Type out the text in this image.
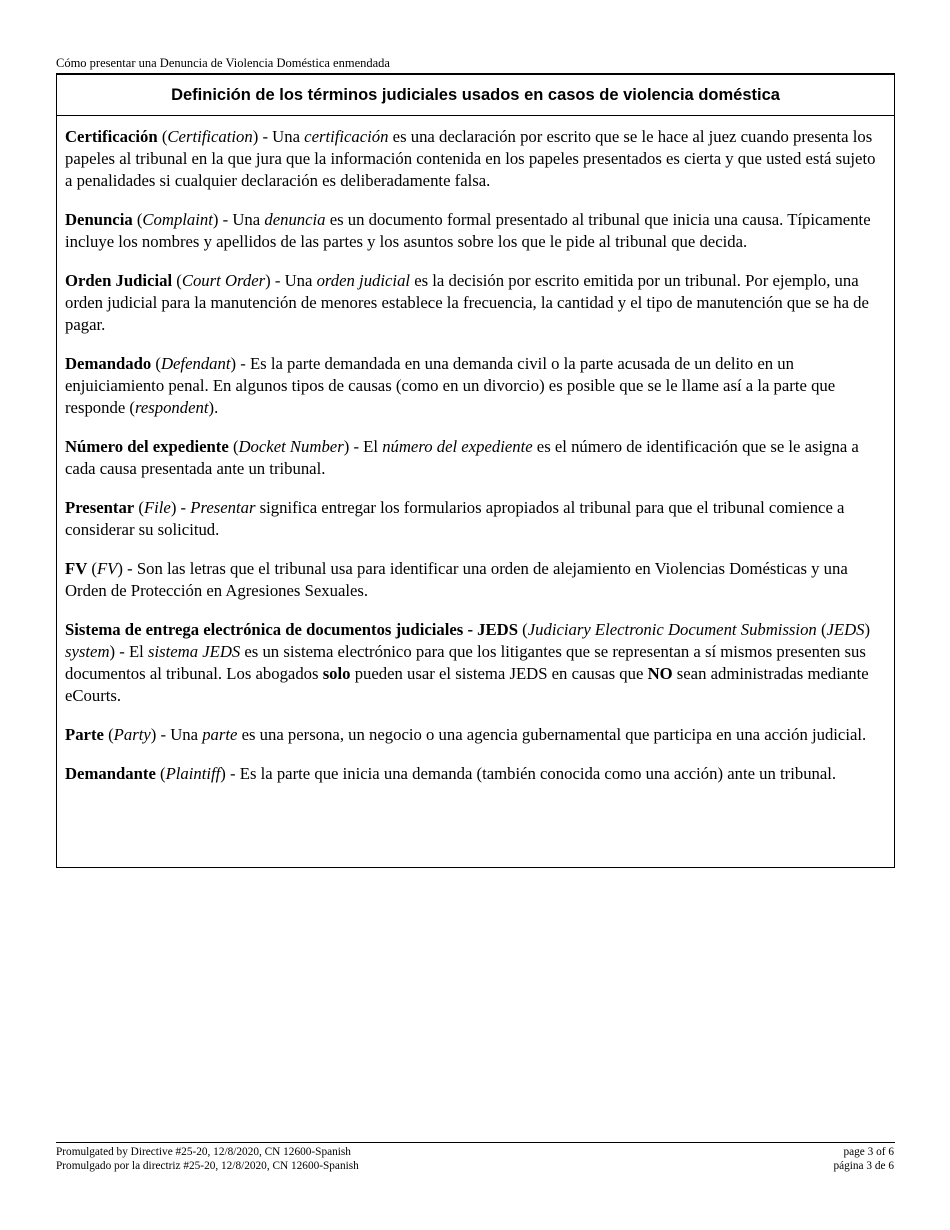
Cómo presentar una Denuncia de Violencia Doméstica enmendada
Definición de los términos judiciales usados en casos de violencia doméstica

Certificación (Certification) - Una certificación es una declaración por escrito que se le hace al juez cuando presenta los papeles al tribunal en la que jura que la información contenida en los papeles presentados es cierta y que usted está sujeto a penalidades si cualquier declaración es deliberadamente falsa.

Denuncia (Complaint) - Una denuncia es un documento formal presentado al tribunal que inicia una causa. Típicamente incluye los nombres y apellidos de las partes y los asuntos sobre los que le pide al tribunal que decida.

Orden Judicial (Court Order) - Una orden judicial es la decisión por escrito emitida por un tribunal. Por ejemplo, una orden judicial para la manutención de menores establece la frecuencia, la cantidad y el tipo de manutención que se ha de pagar.

Demandado (Defendant) - Es la parte demandada en una demanda civil o la parte acusada de un delito en un enjuiciamiento penal. En algunos tipos de causas (como en un divorcio) es posible que se le llame así a la parte que responde (respondent).

Número del expediente (Docket Number) - El número del expediente es el número de identificación que se le asigna a cada causa presentada ante un tribunal.

Presentar (File) - Presentar significa entregar los formularios apropiados al tribunal para que el tribunal comience a considerar su solicitud.

FV (FV) - Son las letras que el tribunal usa para identificar una orden de alejamiento en Violencias Domésticas y una Orden de Protección en Agresiones Sexuales.

Sistema de entrega electrónica de documentos judiciales - JEDS (Judiciary Electronic Document Submission (JEDS) system) - El sistema JEDS es un sistema electrónico para que los litigantes que se representan a sí mismos presenten sus documentos al tribunal. Los abogados solo pueden usar el sistema JEDS en causas que NO sean administradas mediante eCourts.

Parte (Party) - Una parte es una persona, un negocio o una agencia gubernamental que participa en una acción judicial.

Demandante (Plaintiff) - Es la parte que inicia una demanda (también conocida como una acción) ante un tribunal.

Promulgated by Directive #25-20, 12/8/2020, CN 12600-Spanish
Promulgado por la directriz #25-20, 12/8/2020, CN 12600-Spanish
page 3 of 6
página 3 de 6
